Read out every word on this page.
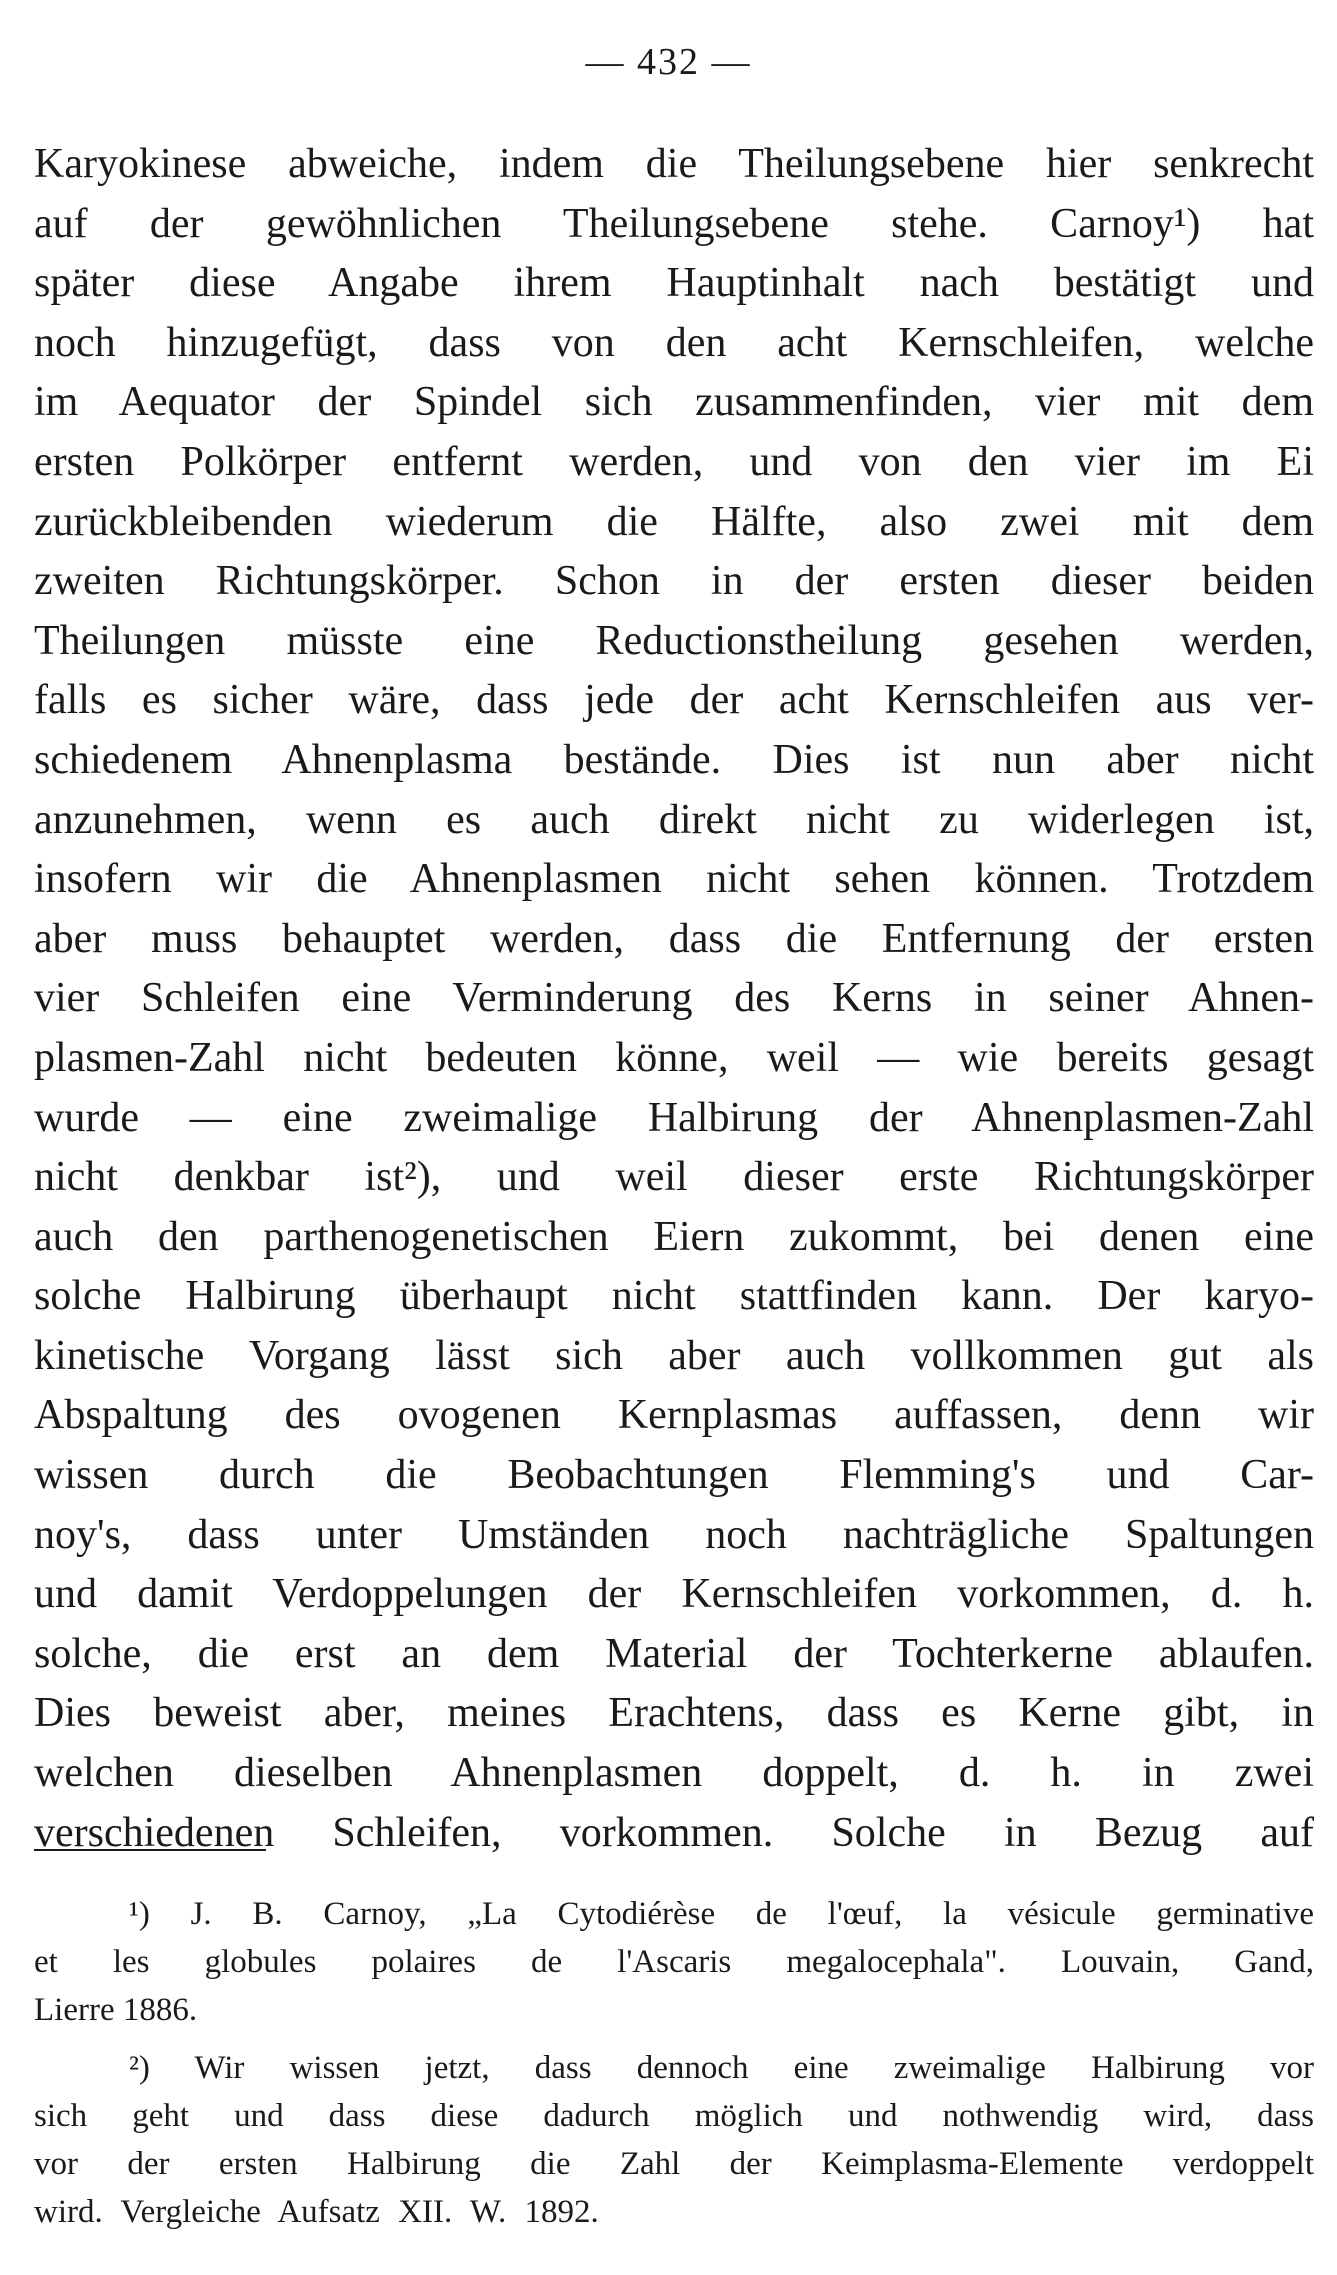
— 432 —
Karyokinese abweiche, indem die Theilungsebene hier senkrecht
auf der gewöhnlichen Theilungsebene stehe. Carnoy¹) hat
später diese Angabe ihrem Hauptinhalt nach bestätigt und
noch hinzugefügt, dass von den acht Kernschleifen, welche
im Aequator der Spindel sich zusammenfinden, vier mit dem
ersten Polkörper entfernt werden, und von den vier im Ei
zurückbleibenden wiederum die Hälfte, also zwei mit dem
zweiten Richtungskörper. Schon in der ersten dieser beiden
Theilungen müsste eine Reductionstheilung gesehen werden,
falls es sicher wäre, dass jede der acht Kernschleifen aus ver-
schiedenem Ahnenplasma bestände. Dies ist nun aber nicht
anzunehmen, wenn es auch direkt nicht zu widerlegen ist,
insofern wir die Ahnenplasmen nicht sehen können. Trotzdem
aber muss behauptet werden, dass die Entfernung der ersten
vier Schleifen eine Verminderung des Kerns in seiner Ahnen-
plasmen-Zahl nicht bedeuten könne, weil — wie bereits gesagt
wurde — eine zweimalige Halbirung der Ahnenplasmen-Zahl
nicht denkbar ist²), und weil dieser erste Richtungskörper
auch den parthenogenetischen Eiern zukommt, bei denen eine
solche Halbirung überhaupt nicht stattfinden kann. Der karyo-
kinetische Vorgang lässt sich aber auch vollkommen gut als
Abspaltung des ovogenen Kernplasmas auffassen, denn wir
wissen durch die Beobachtungen Flemming's und Car-
noy's, dass unter Umständen noch nachträgliche Spaltungen
und damit Verdoppelungen der Kernschleifen vorkommen, d. h.
solche, die erst an dem Material der Tochterkerne ablaufen.
Dies beweist aber, meines Erachtens, dass es Kerne gibt, in
welchen dieselben Ahnenplasmen doppelt, d. h. in zwei
verschiedenen Schleifen, vorkommen. Solche in Bezug auf
¹) J. B. Carnoy, „La Cytodiérèse de l'œuf, la vésicule germinative
et les globules polaires de l'Ascaris megalocephala". Louvain, Gand,
Lierre 1886.
²) Wir wissen jetzt, dass dennoch eine zweimalige Halbirung vor
sich geht und dass diese dadurch möglich und nothwendig wird, dass
vor der ersten Halbirung die Zahl der Keimplasma-Elemente verdoppelt
wird. Vergleiche Aufsatz XII. W. 1892.
